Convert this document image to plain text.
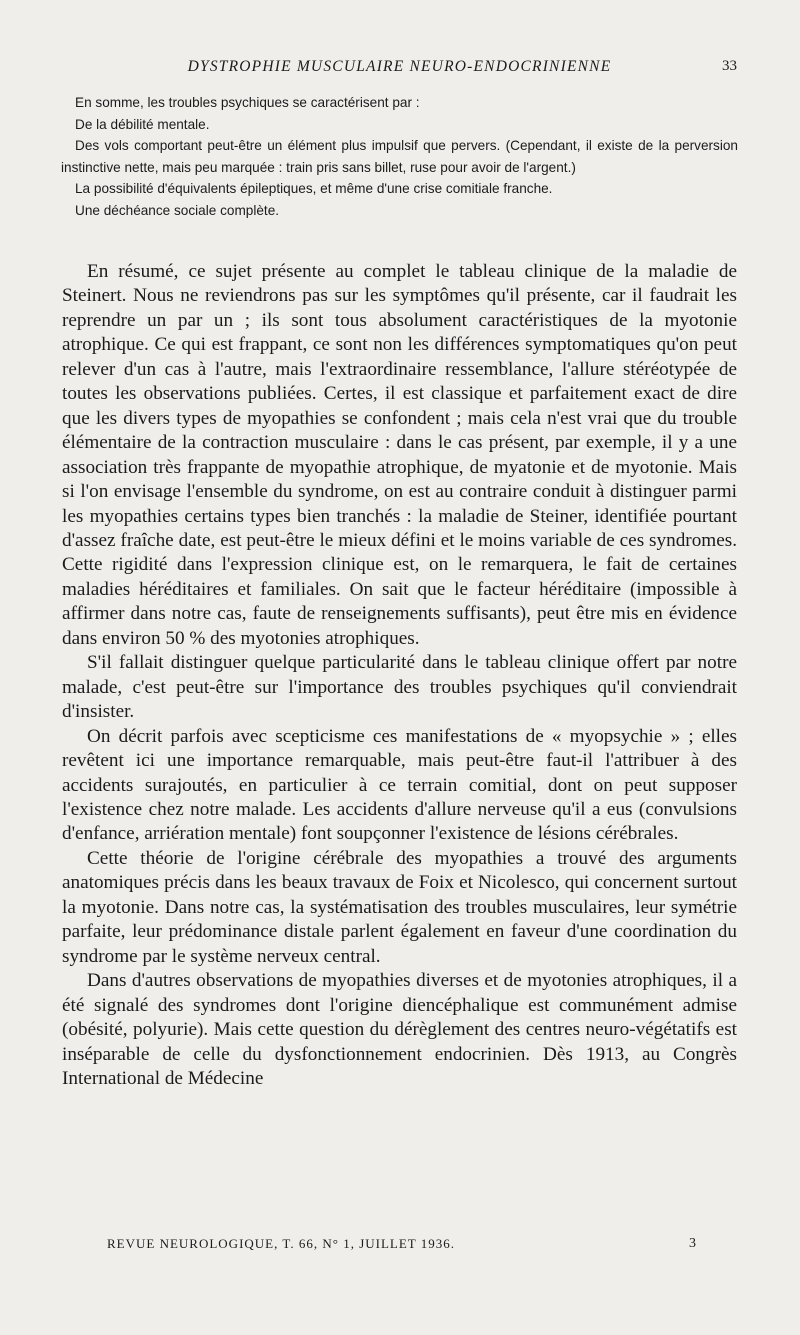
DYSTROPHIE MUSCULAIRE NEURO-ENDOCRINIENNE	33

En somme, les troubles psychiques se caractérisent par :

De la débilité mentale.

Des vols comportant peut-être un élément plus impulsif que pervers. (Cependant, il existe de la perversion instinctive nette, mais peu marquée : train pris sans billet, ruse pour avoir de l'argent.)

La possibilité d'équivalents épileptiques, et même d'une crise comitiale franche.

Une déchéance sociale complète.

En résumé, ce sujet présente au complet le tableau clinique de la maladie de Steinert. Nous ne reviendrons pas sur les symptômes qu'il présente, car il faudrait les reprendre un par un ; ils sont tous absolument caractéristiques de la myotonie atrophique. Ce qui est frappant, ce sont non les différences symptomatiques qu'on peut relever d'un cas à l'autre, mais l'extraordinaire ressemblance, l'allure stéréotypée de toutes les observations publiées. Certes, il est classique et parfaitement exact de dire que les divers types de myopathies se confondent ; mais cela n'est vrai que du trouble élémentaire de la contraction musculaire : dans le cas présent, par exemple, il y a une association très frappante de myopathie atrophique, de myatonie et de myotonie. Mais si l'on envisage l'ensemble du syndrome, on est au contraire conduit à distinguer parmi les myopathies certains types bien tranchés : la maladie de Steiner, identifiée pourtant d'assez fraîche date, est peut-être le mieux défini et le moins variable de ces syndromes. Cette rigidité dans l'expression clinique est, on le remarquera, le fait de certaines maladies héréditaires et familiales. On sait que le facteur héréditaire (impossible à affirmer dans notre cas, faute de renseignements suffisants), peut être mis en évidence dans environ 50 % des myotonies atrophiques.

S'il fallait distinguer quelque particularité dans le tableau clinique offert par notre malade, c'est peut-être sur l'importance des troubles psychiques qu'il conviendrait d'insister.

On décrit parfois avec scepticisme ces manifestations de « myopsychie » ; elles revêtent ici une importance remarquable, mais peut-être faut-il l'attribuer à des accidents surajoutés, en particulier à ce terrain comitial, dont on peut supposer l'existence chez notre malade. Les accidents d'allure nerveuse qu'il a eus (convulsions d'enfance, arriération mentale) font soupçonner l'existence de lésions cérébrales.

Cette théorie de l'origine cérébrale des myopathies a trouvé des arguments anatomiques précis dans les beaux travaux de Foix et Nicolesco, qui concernent surtout la myotonie. Dans notre cas, la systématisation des troubles musculaires, leur symétrie parfaite, leur prédominance distale parlent également en faveur d'une coordination du syndrome par le système nerveux central.

Dans d'autres observations de myopathies diverses et de myotonies atrophiques, il a été signalé des syndromes dont l'origine diencéphalique est communément admise (obésité, polyurie). Mais cette question du dérèglement des centres neuro-végétatifs est inséparable de celle du dysfonctionnement endocrinien. Dès 1913, au Congrès International de Médecine

REVUE NEUROLOGIQUE, T. 66, N° 1, JUILLET 1936.	3
